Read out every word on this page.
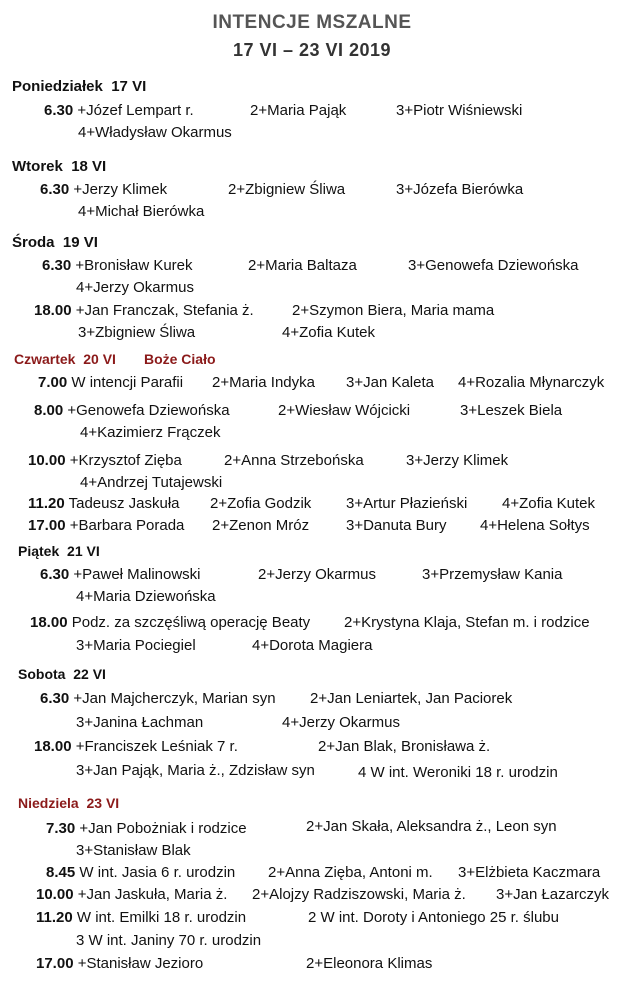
INTENCJE MSZALNE
17 VI – 23 VI 2019
Poniedziałek 17 VI
6.30 +Józef Lempart r.	2+Maria Pająk	3+Piotr Wiśniewski
4+Władysław Okarmus
Wtorek 18 VI
6.30 +Jerzy Klimek	2+Zbigniew Śliwa	3+Józefa Bierówka
4+Michał Bierówka
Środa 19 VI
6.30 +Bronisław Kurek	2+Maria Baltaza	3+Genowefa Dziewońska
4+Jerzy Okarmus
18.00 +Jan Franczak, Stefania ż.	2+Szymon Biera, Maria mama
3+Zbigniew Śliwa	4+Zofia Kutek
Czwartek 20 VI Boże Ciało
7.00 W intencji Parafii 2+Maria Indyka 3+Jan Kaleta 4+Rozalia Młynarczyk
8.00 +Genowefa Dziewońska	2+Wiesław Wójcicki	3+Leszek Biela
4+Kazimierz Frączek
10.00 +Krzysztof Zięba	2+Anna Strzebońska	3+Jerzy Klimek
4+Andrzej Tutajewski
11.20 Tadeusz Jaskuła 2+Zofia Godzik 3+Artur Płazieński 4+Zofia Kutek
17.00 +Barbara Porada 2+Zenon Mróz 3+Danuta Bury 4+Helena Sołtys
Piątek 21 VI
6.30 +Paweł Malinowski	2+Jerzy Okarmus	3+Przemysław Kania
4+Maria Dziewońska
18.00 Podz. za szczęśliwą operację Beaty 2+Krystyna Klaja, Stefan m. i rodzice
3+Maria Pociegiel	4+Dorota Magiera
Sobota 22 VI
6.30 +Jan Majcherczyk, Marian syn 2+Jan Leniartek, Jan Paciorek
3+Janina Łachman	4+Jerzy Okarmus
18.00 +Franciszek Leśniak 7 r.	2+Jan Blak, Bronisława ż.
3+Jan Pająk, Maria ż., Zdzisław syn	4 W int. Weroniki 18 r. urodzin
Niedziela 23 VI
7.30 +Jan Pobożniak i rodzice	2+Jan Skała, Aleksandra ż., Leon syn
3+Stanisław Blak
8.45 W int. Jasia 6 r. urodzin 2+Anna Zięba, Antoni m. 3+Elżbieta Kaczmara
10.00 +Jan Jaskuła, Maria ż. 2+Alojzy Radziszowski, Maria ż. 3+Jan Łazarczyk
11.20 W int. Emilki 18 r. urodzin	2 W int. Doroty i Antoniego 25 r. ślubu
3 W int. Janiny 70 r. urodzin
17.00 +Stanisław Jezioro	2+Eleonora Klimas
